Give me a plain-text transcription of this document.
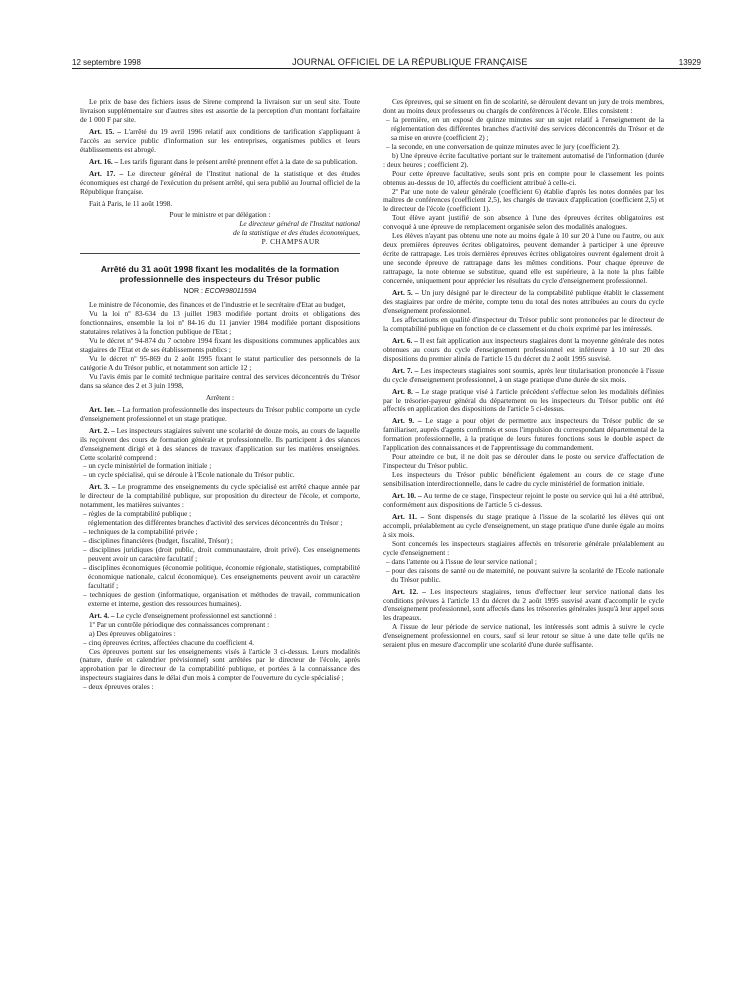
12 septembre 1998	JOURNAL OFFICIEL DE LA RÉPUBLIQUE FRANÇAISE	13929

Le prix de base des fichiers issus de Sirene comprend la livraison sur un seul site. Toute livraison supplémentaire sur d'autres sites est assortie de la perception d'un montant forfaitaire de 1 000 F par site.

Art. 15. – L'arrêté du 19 avril 1996 relatif aux conditions de tarification s'appliquant à l'accès au service public d'information sur les entreprises, organismes publics et leurs établissements est abrogé.

Art. 16. – Les tarifs figurant dans le présent arrêté prennent effet à la date de sa publication.

Art. 17. – Le directeur général de l'Institut national de la statistique et des études économiques est chargé de l'exécution du présent arrêté, qui sera publié au Journal officiel de la République française.

Fait à Paris, le 11 août 1998.

Pour le ministre et par délégation :

Le directeur général de l'Institut national

de la statistique et des études économiques,

P. CHAMPSAUR

Arrêté du 31 août 1998 fixant les modalités de la formation professionnelle des inspecteurs du Trésor public

NOR : ECOR9801159A

Le ministre de l'économie, des finances et de l'industrie et le secrétaire d'Etat au budget,

Vu la loi nº 83-634 du 13 juillet 1983 modifiée portant droits et obligations des fonctionnaires, ensemble la loi nº 84-16 du 11 janvier 1984 modifiée portant dispositions statutaires relatives à la fonction publique de l'Etat ;

Vu le décret nº 94-874 du 7 octobre 1994 fixant les dispositions communes applicables aux stagiaires de l'Etat et de ses établissements publics ;

Vu le décret nº 95-869 du 2 août 1995 fixant le statut particulier des personnels de la catégorie A du Trésor public, et notamment son article 12 ;

Vu l'avis émis par le comité technique paritaire central des services déconcentrés du Trésor dans sa séance des 2 et 3 juin 1998,

Arrêtent :

Art. 1er. – La formation professionnelle des inspecteurs du Trésor public comporte un cycle d'enseignement professionnel et un stage pratique.

Art. 2. – Les inspecteurs stagiaires suivent une scolarité de douze mois, au cours de laquelle ils reçoivent des cours de formation générale et professionnelle. Ils participent à des séances d'enseignement dirigé et à des séances de travaux d'application sur les matières enseignées. Cette scolarité comprend :

– un cycle ministériel de formation initiale ;

– un cycle spécialisé, qui se déroule à l'Ecole nationale du Trésor public.

Art. 3. – Le programme des enseignements du cycle spécialisé est arrêté chaque année par le directeur de la comptabilité publique, sur proposition du directeur de l'école, et comporte, notamment, les matières suivantes :

– règles de la comptabilité publique ;

réglementation des différentes branches d'activité des services déconcentrés du Trésor ;

– techniques de la comptabilité privée ;

– disciplines financières (budget, fiscalité, Trésor) ;

– disciplines juridiques (droit public, droit communautaire, droit privé). Ces enseignements peuvent avoir un caractère facultatif ;

– disciplines économiques (économie politique, économie régionale, statistiques, comptabilité économique nationale, calcul économique). Ces enseignements peuvent avoir un caractère facultatif ;

– techniques de gestion (informatique, organisation et méthodes de travail, communication externe et interne, gestion des ressources humaines).

Art. 4. – Le cycle d'enseignement professionnel est sanctionné :

1º Par un contrôle périodique des connaissances comprenant :

a) Des épreuves obligatoires :

– cinq épreuves écrites, affectées chacune du coefficient 4.

Ces épreuves portent sur les enseignements visés à l'article 3 ci-dessus. Leurs modalités (nature, durée et calendrier prévisionnel) sont arrêtées par le directeur de l'école, après approbation par le directeur de la comptabilité publique, et portées à la connaissance des inspecteurs stagiaires dans le délai d'un mois à compter de l'ouverture du cycle spécialisé ;

– deux épreuves orales :

Ces épreuves, qui se situent en fin de scolarité, se déroulent devant un jury de trois membres, dont au moins deux professeurs ou chargés de conférences à l'école. Elles consistent :

– la première, en un exposé de quinze minutes sur un sujet relatif à l'enseignement de la réglementation des différentes branches d'activité des services déconcentrés du Trésor et de sa mise en œuvre (coefficient 2) ;

– la seconde, en une conversation de quinze minutes avec le jury (coefficient 2).

b) Une épreuve écrite facultative portant sur le traitement automatisé de l'information (durée : deux heures ; coefficient 2).

Pour cette épreuve facultative, seuls sont pris en compte pour le classement les points obtenus au-dessus de 10, affectés du coefficient attribué à celle-ci.

2º Par une note de valeur générale (coefficient 6) établie d'après les notes données par les maîtres de conférences (coefficient 2,5), les chargés de travaux d'application (coefficient 2,5) et le directeur de l'école (coefficient 1).

Tout élève ayant justifié de son absence à l'une des épreuves écrites obligatoires est convoqué à une épreuve de remplacement organisée selon des modalités analogues.

Les élèves n'ayant pas obtenu une note au moins égale à 10 sur 20 à l'une ou l'autre, ou aux deux premières épreuves écrites obligatoires, peuvent demander à participer à une épreuve écrite de rattrapage. Les trois dernières épreuves écrites obligatoires ouvrent également droit à une seconde épreuve de rattrapage dans les mêmes conditions. Pour chaque épreuve de rattrapage, la note obtenue se substitue, quand elle est supérieure, à la note la plus faible concernée, uniquement pour apprécier les résultats du cycle d'enseignement professionnel.

Art. 5. – Un jury désigné par le directeur de la comptabilité publique établit le classement des stagiaires par ordre de mérite, compte tenu du total des notes attribuées au cours du cycle d'enseignement professionnel.

Les affectations en qualité d'inspecteur du Trésor public sont prononcées par le directeur de la comptabilité publique en fonction de ce classement et du choix exprimé par les intéressés.

Art. 6. – Il est fait application aux inspecteurs stagiaires dont la moyenne générale des notes obtenues au cours du cycle d'enseignement professionnel est inférieure à 10 sur 20 des dispositions du premier alinéa de l'article 15 du décret du 2 août 1995 susvisé.

Art. 7. – Les inspecteurs stagiaires sont soumis, après leur titularisation prononcée à l'issue du cycle d'enseignement professionnel, à un stage pratique d'une durée de six mois.

Art. 8. – Le stage pratique visé à l'article précédent s'effectue selon les modalités définies par le trésorier-payeur général du département ou les inspecteurs du Trésor public ont été affectés en application des dispositions de l'article 5 ci-dessus.

Art. 9. – Le stage a pour objet de permettre aux inspecteurs du Trésor public de se familiariser, auprès d'agents confirmés et sous l'impulsion du correspondant départemental de la formation professionnelle, à la pratique de leurs futures fonctions sous le double aspect de l'application des connaissances et de l'apprentissage du commandement.

Pour atteindre ce but, il ne doit pas se dérouler dans le poste ou service d'affectation de l'inspecteur du Trésor public.

Les inspecteurs du Trésor public bénéficient également au cours de ce stage d'une sensibilisation interdirectionnelle, dans le cadre du cycle ministériel de formation initiale.

Art. 10. – Au terme de ce stage, l'inspecteur rejoint le poste ou service qui lui a été attribué, conformément aux dispositions de l'article 5 ci-dessus.

Art. 11. – Sont dispensés du stage pratique à l'issue de la scolarité les élèves qui ont accompli, préalablement au cycle d'enseignement, un stage pratique d'une durée égale au moins à six mois.

Sont concernés les inspecteurs stagiaires affectés en trésorerie générale préalablement au cycle d'enseignement :

– dans l'attente ou à l'issue de leur service national ;

– pour des raisons de santé ou de maternité, ne pouvant suivre la scolarité de l'Ecole nationale du Trésor public.

Art. 12. – Les inspecteurs stagiaires, tenus d'effectuer leur service national dans les conditions prévues à l'article 13 du décret du 2 août 1995 susvisé avant d'accomplir le cycle d'enseignement professionnel, sont affectés dans les trésoreries générales jusqu'à leur appel sous les drapeaux.

A l'issue de leur période de service national, les intéressés sont admis à suivre le cycle d'enseignement professionnel en cours, sauf si leur retour se situe à une date telle qu'ils ne seraient plus en mesure d'accomplir une scolarité d'une durée suffisante.
